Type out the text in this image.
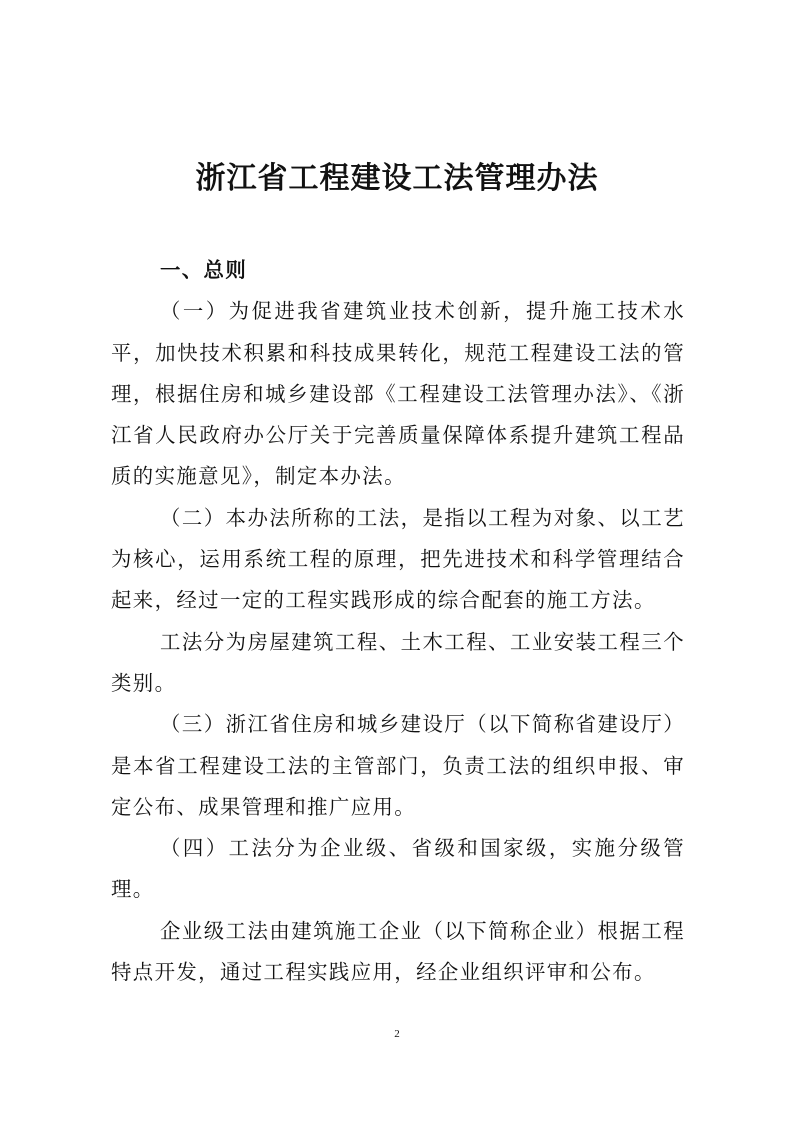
浙江省工程建设工法管理办法

一、总则

（一）为促进我省建筑业技术创新，提升施工技术水平，加快技术积累和科技成果转化，规范工程建设工法的管理，根据住房和城乡建设部《工程建设工法管理办法》、《浙江省人民政府办公厅关于完善质量保障体系提升建筑工程品质的实施意见》，制定本办法。

（二）本办法所称的工法，是指以工程为对象、以工艺为核心，运用系统工程的原理，把先进技术和科学管理结合起来，经过一定的工程实践形成的综合配套的施工方法。

工法分为房屋建筑工程、土木工程、工业安装工程三个类别。

（三）浙江省住房和城乡建设厅（以下简称省建设厅）是本省工程建设工法的主管部门，负责工法的组织申报、审定公布、成果管理和推广应用。

（四）工法分为企业级、省级和国家级，实施分级管理。

企业级工法由建筑施工企业（以下简称企业）根据工程特点开发，通过工程实践应用，经企业组织评审和公布。

2
